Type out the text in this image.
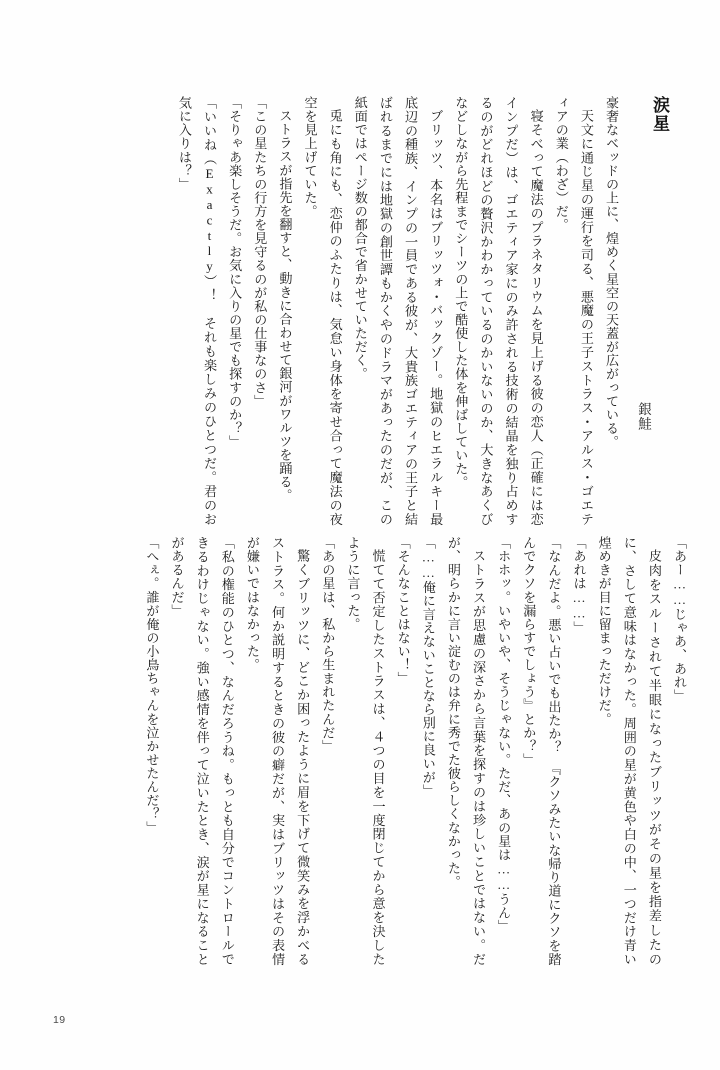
涙星
銀鮭

豪奢なベッドの上に、煌めく星空の天蓋が広がっている。

天文に通じ星の運行を司る、悪魔の王子ストラス・アルス・ゴエティアの業（わざ）だ。

寝そべって魔法のプラネタリウムを見上げる彼の恋人（正確には恋インプだ）は、ゴエティア家にのみ許される技術の結晶を独り占めするのがどれほどの贅沢かわかっているのかいないのか、大きなあくびなどしながら先程までシーツの上で酷使した体を伸ばしていた。

ブリッツ、本名はブリッツォ・バックゾー。地獄のヒエラルキー最底辺の種族、インプの一員である彼が、大貴族ゴエティアの王子と結ばれるまでには地獄の創世譚もかくやのドラマがあったのだが、この紙面ではページ数の都合で省かせていただく。

兎にも角にも、恋仲のふたりは、気怠い身体を寄せ合って魔法の夜空を見上げていた。

ストラスが指先を翻すと、動きに合わせて銀河がワルツを踊る。

「この星たちの行方を見守るのが私の仕事なのさ」

「そりゃあ楽しそうだ。お気に入りの星でも探すのか？」

「いいね（Exactly）！　それも楽しみのひとつだ。君のお気に入りは？」

「あー……じゃあ、あれ」

皮肉をスルーされて半眼になったブリッツがその星を指差したのに、さして意味はなかった。周囲の星が黄色や白の中、一つだけ青い煌めきが目に留まっただけだ。

「あれは……」

「なんだよ。悪い占いでも出たか？　『クソみたいな帰り道にクソを踏んでクソを漏らすでしょう』とか？」

「ホホッ。いやいや、そうじゃない。ただ、あの星は……うん」

ストラスが思慮の深さから言葉を探すのは珍しいことではない。だが、明らかに言い淀むのは弁に秀でた彼らしくなかった。

「……俺に言えないことなら別に良いが」

「そんなことはない！」

慌てて否定したストラスは、４つの目を一度閉じてから意を決したように言った。

「あの星は、私から生まれたんだ」

驚くブリッツに、どこか困ったように眉を下げて微笑みを浮かべるストラス。何か説明するときの彼の癖だが、実はブリッツはその表情が嫌いではなかった。

「私の権能のひとつ、なんだろうね。もっとも自分でコントロールできるわけじゃない。強い感情を伴って泣いたとき、涙が星になることがあるんだ」

「へぇ。誰が俺の小鳥ちゃんを泣かせたんだ？」

19
